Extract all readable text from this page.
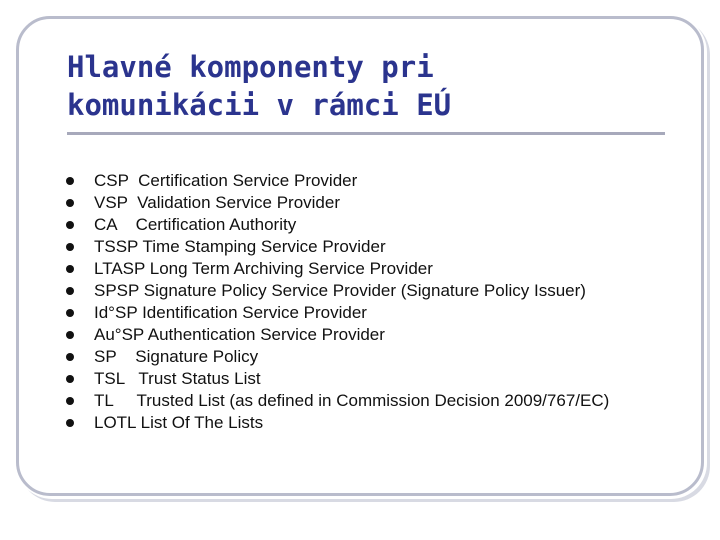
Hlavné komponenty pri
komunikácii v rámci EÚ
CSP  Certification Service Provider
VSP  Validation Service Provider
CA    Certification Authority
TSSP Time Stamping Service Provider
LTASP Long Term Archiving Service Provider
SPSP Signature Policy Service Provider (Signature Policy Issuer)
Id°SP Identification Service Provider
Au°SP Authentication Service Provider
SP    Signature Policy
TSL   Trust Status List
TL     Trusted List (as defined in Commission Decision 2009/767/EC)
LOTL List Of The Lists
